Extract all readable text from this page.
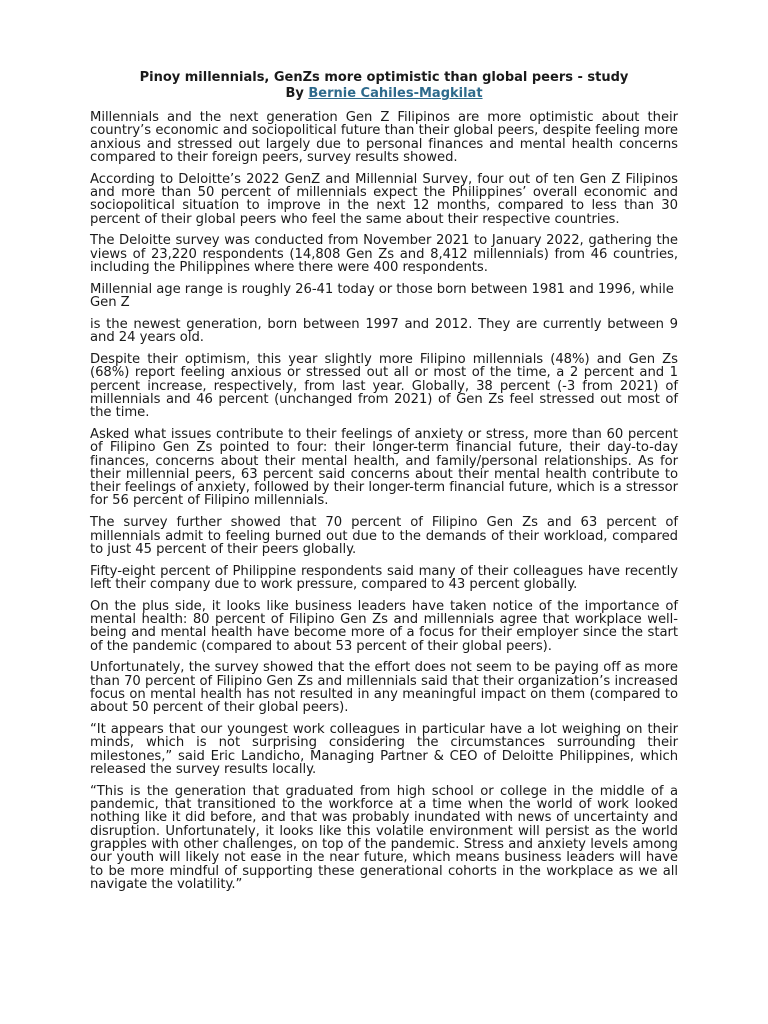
Pinoy millennials, GenZs more optimistic than global peers - study
By Bernie Cahiles-Magkilat

Millennials and the next generation Gen Z Filipinos are more optimistic about their country’s economic and sociopolitical future than their global peers, despite feeling more anxious and stressed out largely due to personal finances and mental health concerns compared to their foreign peers, survey results showed.

According to Deloitte’s 2022 GenZ and Millennial Survey, four out of ten Gen Z Filipinos and more than 50 percent of millennials expect the Philippines’ overall economic and sociopolitical situation to improve in the next 12 months, compared to less than 30 percent of their global peers who feel the same about their respective countries.

The Deloitte survey was conducted from November 2021 to January 2022, gathering the views of 23,220 respondents (14,808 Gen Zs and 8,412 millennials) from 46 countries, including the Philippines where there were 400 respondents.

Millennial age range is roughly 26-41 today or those born between 1981 and 1996, while Gen Z

is the newest generation, born between 1997 and 2012. They are currently between 9 and 24 years old.

Despite their optimism, this year slightly more Filipino millennials (48%) and Gen Zs (68%) report feeling anxious or stressed out all or most of the time, a 2 percent and 1 percent increase, respectively, from last year. Globally, 38 percent (-3 from 2021) of millennials and 46 percent (unchanged from 2021) of Gen Zs feel stressed out most of the time.

Asked what issues contribute to their feelings of anxiety or stress, more than 60 percent of Filipino Gen Zs pointed to four: their longer-term financial future, their day-to-day finances, concerns about their mental health, and family/personal relationships. As for their millennial peers, 63 percent said concerns about their mental health contribute to their feelings of anxiety, followed by their longer-term financial future, which is a stressor for 56 percent of Filipino millennials.

The survey further showed that 70 percent of Filipino Gen Zs and 63 percent of millennials admit to feeling burned out due to the demands of their workload, compared to just 45 percent of their peers globally.

Fifty-eight percent of Philippine respondents said many of their colleagues have recently left their company due to work pressure, compared to 43 percent globally.

On the plus side, it looks like business leaders have taken notice of the importance of mental health: 80 percent of Filipino Gen Zs and millennials agree that workplace well-being and mental health have become more of a focus for their employer since the start of the pandemic (compared to about 53 percent of their global peers).

Unfortunately, the survey showed that the effort does not seem to be paying off as more than 70 percent of Filipino Gen Zs and millennials said that their organization’s increased focus on mental health has not resulted in any meaningful impact on them (compared to about 50 percent of their global peers).

“It appears that our youngest work colleagues in particular have a lot weighing on their minds, which is not surprising considering the circumstances surrounding their milestones,” said Eric Landicho, Managing Partner & CEO of Deloitte Philippines, which released the survey results locally.

“This is the generation that graduated from high school or college in the middle of a pandemic, that transitioned to the workforce at a time when the world of work looked nothing like it did before, and that was probably inundated with news of uncertainty and disruption. Unfortunately, it looks like this volatile environment will persist as the world grapples with other challenges, on top of the pandemic. Stress and anxiety levels among our youth will likely not ease in the near future, which means business leaders will have to be more mindful of supporting these generational cohorts in the workplace as we all navigate the volatility.”
